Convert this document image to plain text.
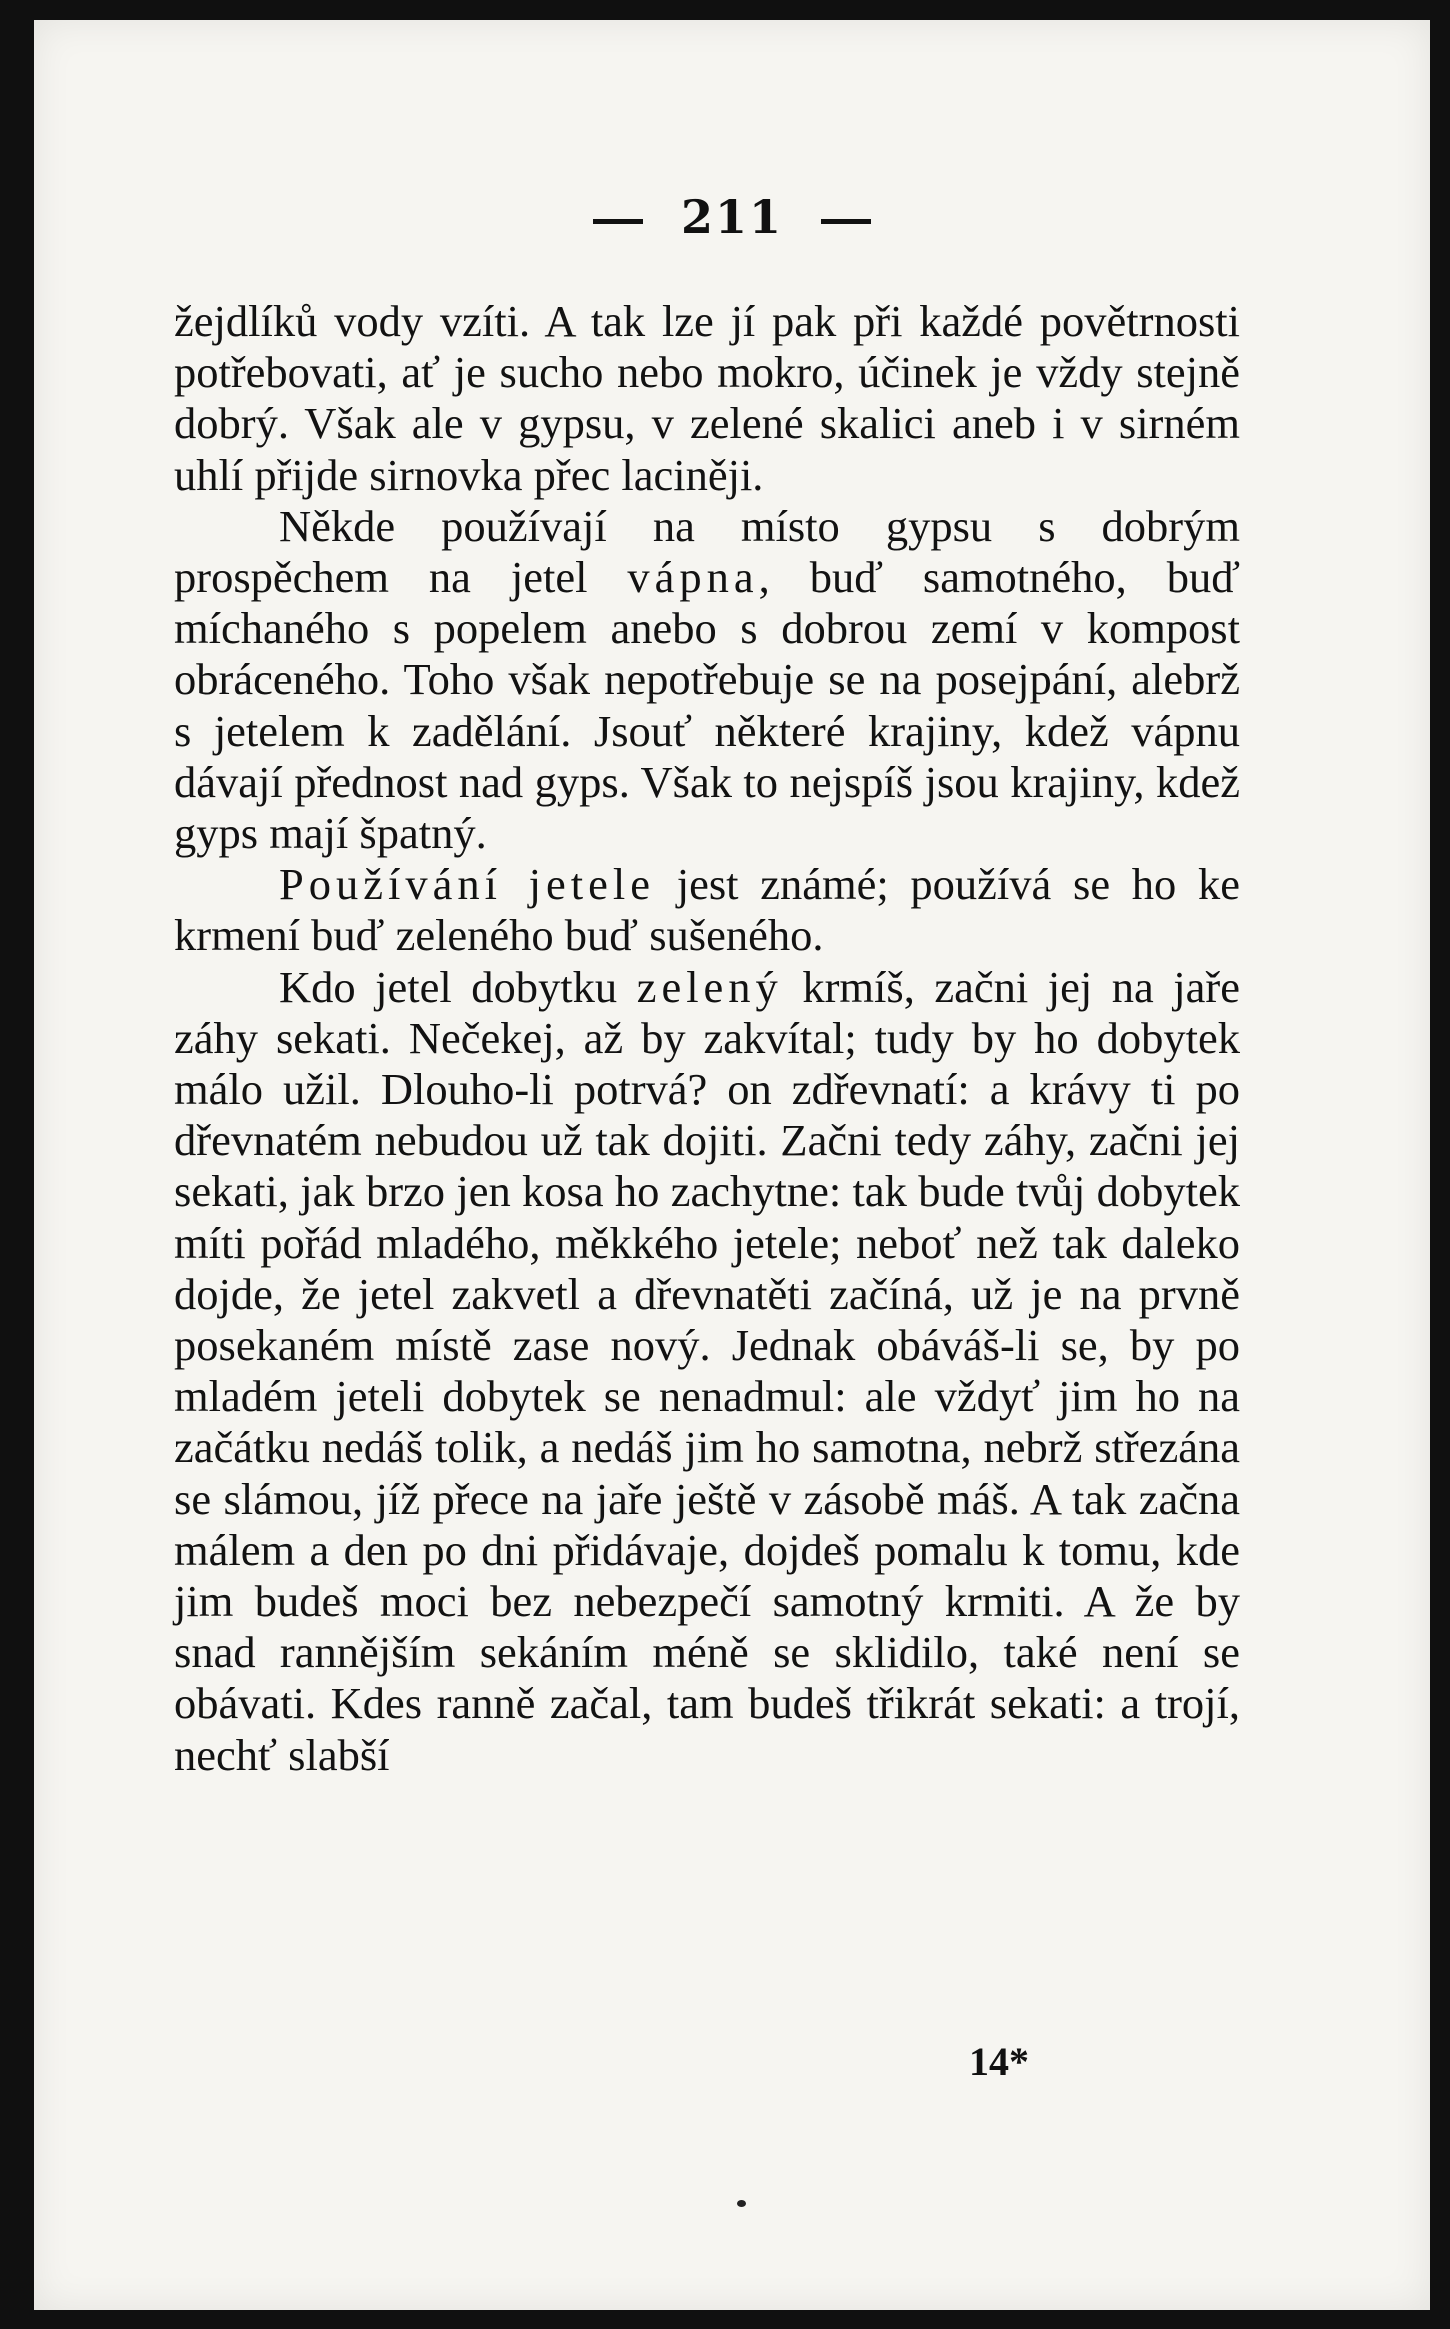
211

žejdlíků vody vzíti. A tak lze jí pak při každé povětrnosti potřebovati, ať je sucho nebo mokro, účinek je vždy stejně dobrý. Však ale v gypsu, v zelené skalici aneb i v sirném uhlí přijde sirnovka přec laciněji.

Někde používají na místo gypsu s dobrým prospěchem na jetel vápna, buď samotného, buď míchaného s popelem anebo s dobrou zemí v kompost obráceného. Toho však nepotřebuje se na posejpání, alebrž s jetelem k zadělání. Jsouť některé krajiny, kdež vápnu dávají přednost nad gyps. Však to nejspíš jsou krajiny, kdež gyps mají špatný.

Používání jetele jest známé; používá se ho ke krmení buď zeleného buď sušeného.

Kdo jetel dobytku zelený krmíš, začni jej na jaře záhy sekati. Nečekej, až by zakvítal; tudy by ho dobytek málo užil. Dlouho-li potrvá? on zdřevnatí: a krávy ti po dřevnatém nebudou už tak dojiti. Začni tedy záhy, začni jej sekati, jak brzo jen kosa ho zachytne: tak bude tvůj dobytek míti pořád mladého, měkkého jetele; neboť než tak daleko dojde, že jetel zakvetl a dřevnatěti začíná, už je na prvně posekaném místě zase nový. Jednak obáváš-li se, by po mladém jeteli dobytek se nenadmul: ale vždyť jim ho na začátku nedáš tolik, a nedáš jim ho samotna, nebrž střezána se slámou, jíž přece na jaře ještě v zásobě máš. A tak začna málem a den po dni přidávaje, dojdeš pomalu k tomu, kde jim budeš moci bez nebezpečí samotný krmiti. A že by snad rannějším sekáním méně se sklidilo, také není se obávati. Kdes ranně začal, tam budeš třikrát sekati: a trojí, nechť slabší

14*
